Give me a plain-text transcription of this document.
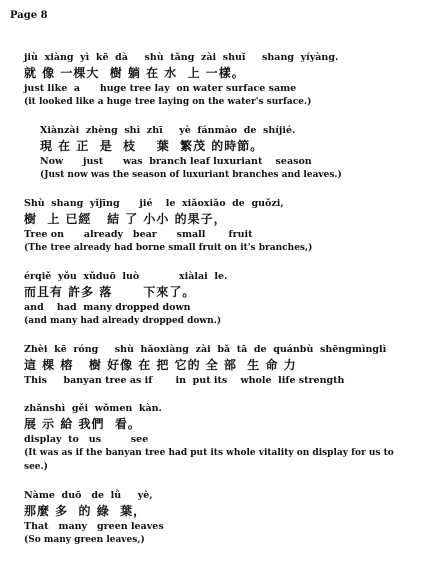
Page 8
jiù  xiàng  yì  kē  dà     shù  tǎng  zài  shuǐ     shang  yíyàng.
就 像 一棵大  樹 躺 在 水  上 一樣。
just like  a      huge tree lay  on water surface same
(it looked like a huge tree laying on the water's surface.)
Xiànzài  zhèng  shì  zhī     yè  fánmào  de  shíjié.
現 在 正  是  枝    葉  繁茂 的時節。
Now      just      was  branch leaf luxuriant    season
(Just now was the season of luxuriant branches and leaves.)
Shù  shang  yǐjīng      jié    le  xiǎoxiǎo  de  guǒzi,
樹  上 已經   結 了 小小 的果子，
Tree on      already   bear      small       fruit
(The tree already had borne small fruit on it's branches,)
érqiě  yǒu  xǔduō  luò            xiàlai  le.
而且有 許多 落      下來了。
and    had  many dropped down
(and many had already dropped down.)
Zhèi  kē  róng     shù  hǎoxiàng  zài  bǎ  tā  de  quánbù  shēngmìnglì
這 棵 榕   樹 好像 在 把 它的 全 部  生 命 力
This     banyan tree as if       in  put its    whole  life strength
zhǎnshì  gěi  wǒmen  kàn.
展 示 給 我們  看。
display  to   us         see
(It was as if the banyan tree had put its whole vitality on display for us to
see.)
Nàme  duō   de  lǜ     yè,
那麼 多  的 綠  葉，
That   many   green leaves
(So many green leaves,)
